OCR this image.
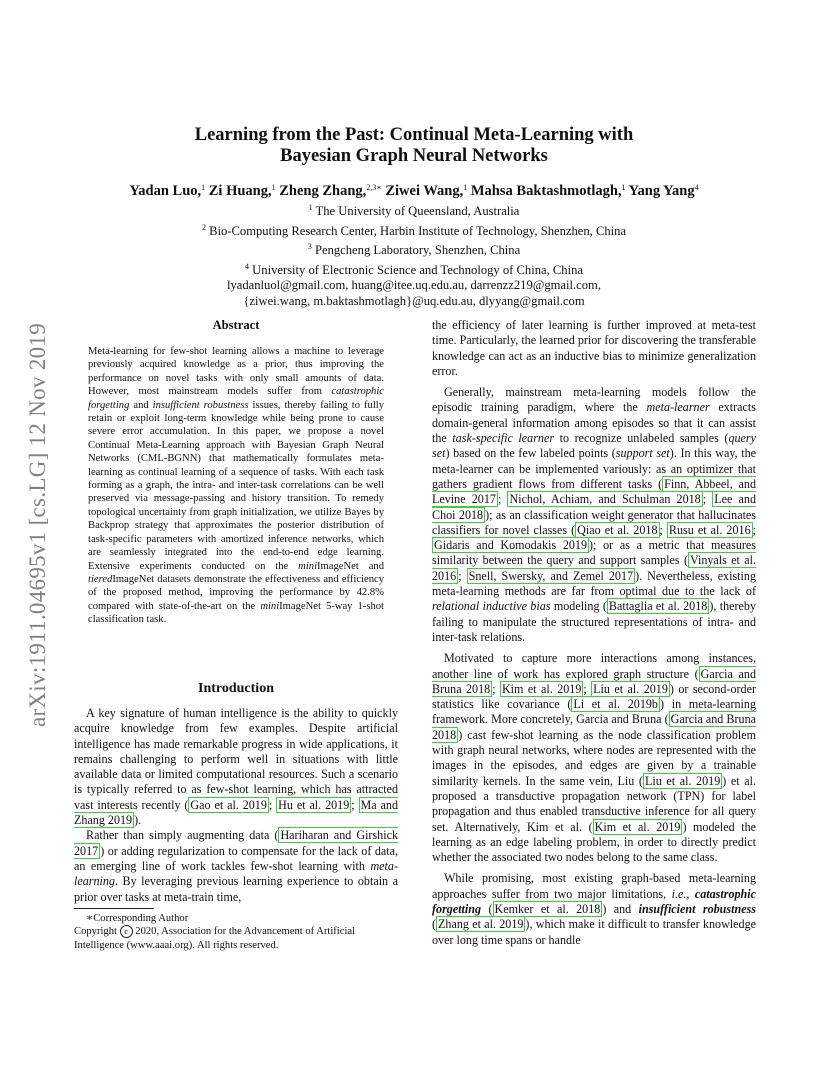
arXiv:1911.04695v1 [cs.LG] 12 Nov 2019
Learning from the Past: Continual Meta-Learning with
Bayesian Graph Neural Networks
Yadan Luo,$^1$ Zi Huang,$^1$ Zheng Zhang,$^{2,3∗}$ Ziwei Wang,$^1$ Mahsa Baktashmotlagh,$^1$ Yang Yang$^4$
$^1$ The University of Queensland, Australia
$^2$ Bio-Computing Research Center, Harbin Institute of Technology, Shenzhen, China
$^3$ Pengcheng Laboratory, Shenzhen, China
$^4$ University of Electronic Science and Technology of China, China
lyadanluol@gmail.com, huang@itee.uq.edu.au, darrenzz219@gmail.com,
{ziwei.wang, m.baktashmotlagh}@uq.edu.au, dlyyang@gmail.com
Abstract
Meta-learning for few-shot learning allows a machine to leverage previously acquired knowledge as a prior, thus improving the performance on novel tasks with only small amounts of data. However, most mainstream models suffer from catastrophic forgetting and insufficient robustness issues, thereby failing to fully retain or exploit long-term knowledge while being prone to cause severe error accumulation. In this paper, we propose a novel Continual Meta-Learning approach with Bayesian Graph Neural Networks (CML-BGNN) that mathematically formulates meta-learning as continual learning of a sequence of tasks. With each task forming as a graph, the intra- and inter-task correlations can be well preserved via message-passing and history transition. To remedy topological uncertainty from graph initialization, we utilize Bayes by Backprop strategy that approximates the posterior distribution of task-specific parameters with amortized inference networks, which are seamlessly integrated into the end-to-end edge learning. Extensive experiments conducted on the miniImageNet and tieredImageNet datasets demonstrate the effectiveness and efficiency of the proposed method, improving the performance by 42.8% compared with state-of-the-art on the miniImageNet 5-way 1-shot classification task.
Introduction

A key signature of human intelligence is the ability to quickly acquire knowledge from few examples. Despite artificial intelligence has made remarkable progress in wide applications, it remains challenging to perform well in situations with little available data or limited computational resources. Such a scenario is typically referred to as few-shot learning, which has attracted vast interests recently ( Gao et al. 2019 ; Hu et al. 2019 ; Ma and Zhang 2019 ).

Rather than simply augmenting data ( Hariharan and Girshick 2017 ) or adding regularization to compensate for the lack of data, an emerging line of work tackles few-shot learning with meta-learning. By leveraging previous learning experience to obtain a prior over tasks at meta-train time,

∗Corresponding Author
Copyright c 2020, Association for the Advancement of Artificial Intelligence (www.aaai.org). All rights reserved.

the efficiency of later learning is further improved at meta-test time. Particularly, the learned prior for discovering the transferable knowledge can act as an inductive bias to minimize generalization error.

Generally, mainstream meta-learning models follow the episodic training paradigm, where the meta-learner extracts domain-general information among episodes so that it can assist the task-specific learner to recognize unlabeled samples (query set) based on the few labeled points (support set). In this way, the meta-learner can be implemented variously: as an optimizer that gathers gradient flows from different tasks ( Finn, Abbeel, and Levine 2017 ; Nichol, Achiam, and Schulman 2018 ; Lee and Choi 2018 ); as an classification weight generator that hallucinates classifiers for novel classes ( Qiao et al. 2018 ; Rusu et al. 2016 ; Gidaris and Komodakis 2019 ); or as a metric that measures similarity between the query and support samples ( Vinyals et al. 2016 ; Snell, Swersky, and Zemel 2017 ). Nevertheless, existing meta-learning methods are far from optimal due to the lack of relational inductive bias modeling ( Battaglia et al. 2018 ), thereby failing to manipulate the structured representations of intra- and inter-task relations.

Motivated to capture more interactions among instances, another line of work has explored graph structure ( Garcia and Bruna 2018 ; Kim et al. 2019 ; Liu et al. 2019 ) or second-order statistics like covariance ( Li et al. 2019b ) in meta-learning framework. More concretely, Garcia and Bruna ( Garcia and Bruna 2018 ) cast few-shot learning as the node classification problem with graph neural networks, where nodes are represented with the images in the episodes, and edges are given by a trainable similarity kernels. In the same vein, Liu ( Liu et al. 2019 ) et al. proposed a transductive propagation network (TPN) for label propagation and thus enabled transductive inference for all query set. Alternatively, Kim et al. ( Kim et al. 2019 ) modeled the learning as an edge labeling problem, in order to directly predict whether the associated two nodes belong to the same class.

While promising, most existing graph-based meta-learning approaches suffer from two major limitations, i.e., catastrophic forgetting ( Kemker et al. 2018 ) and insufficient robustness ( Zhang et al. 2019 ), which make it difficult to transfer knowledge over long time spans or handle
